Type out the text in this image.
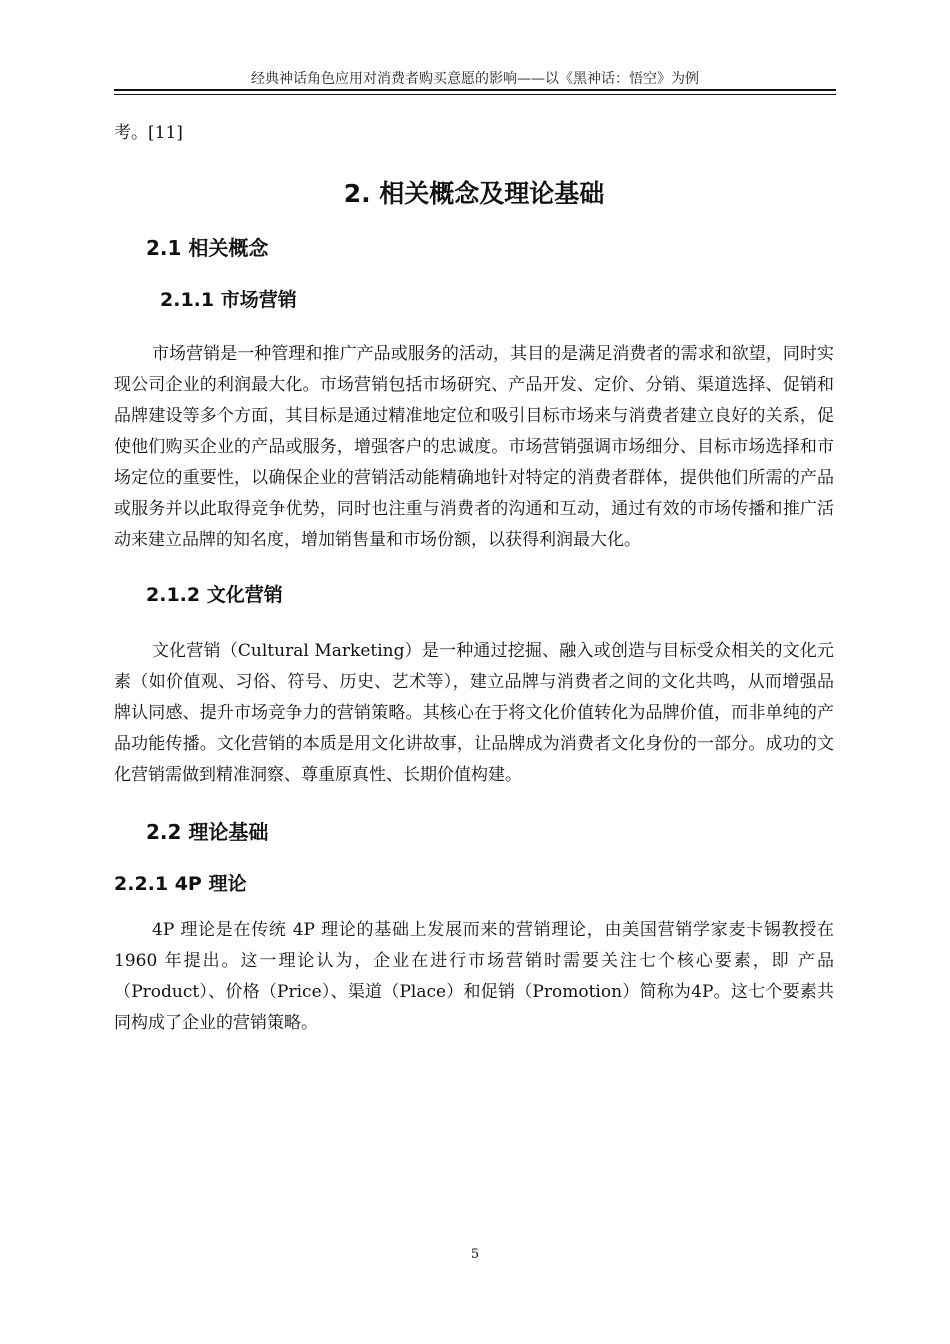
经典神话角色应用对消费者购买意愿的影响——以《黑神话：悟空》为例

考。[11]

2. 相关概念及理论基础
2.1 相关概念
2.1.1 市场营销

市场营销是一种管理和推广产品或服务的活动，其目的是满足消费者的需求和欲望，同时实现公司企业的利润最大化。市场营销包括市场研究、产品开发、定价、分销、渠道选择、促销和品牌建设等多个方面，其目标是通过精准地定位和吸引目标市场来与消费者建立良好的关系，促使他们购买企业的产品或服务，增强客户的忠诚度。市场营销强调市场细分、目标市场选择和市场定位的重要性，以确保企业的营销活动能精确地针对特定的消费者群体，提供他们所需的产品或服务并以此取得竞争优势，同时也注重与消费者的沟通和互动，通过有效的市场传播和推广活动来建立品牌的知名度，增加销售量和市场份额，以获得利润最大化。

2.1.2 文化营销

文化营销（Cultural Marketing）是一种通过挖掘、融入或创造与目标受众相关的文化元素（如价值观、习俗、符号、历史、艺术等），建立品牌与消费者之间的文化共鸣，从而增强品牌认同感、提升市场竞争力的营销策略。其核心在于将文化价值转化为品牌价值，而非单纯的产品功能传播。文化营销的本质是用文化讲故事，让品牌成为消费者文化身份的一部分。成功的文化营销需做到精准洞察、尊重原真性、长期价值构建。

2.2 理论基础
2.2.1 4P 理论

4P 理论是在传统 4P 理论的基础上发展而来的营销理论，由美国营销学家麦卡锡教授在 1960 年提出。这一理论认为，企业在进行市场营销时需要关注七个核心要素，即 产品（Product）、价格（Price）、渠道（Place）和促销（Promotion）简称为4P。这七个要素共同构成了企业的营销策略。

5
